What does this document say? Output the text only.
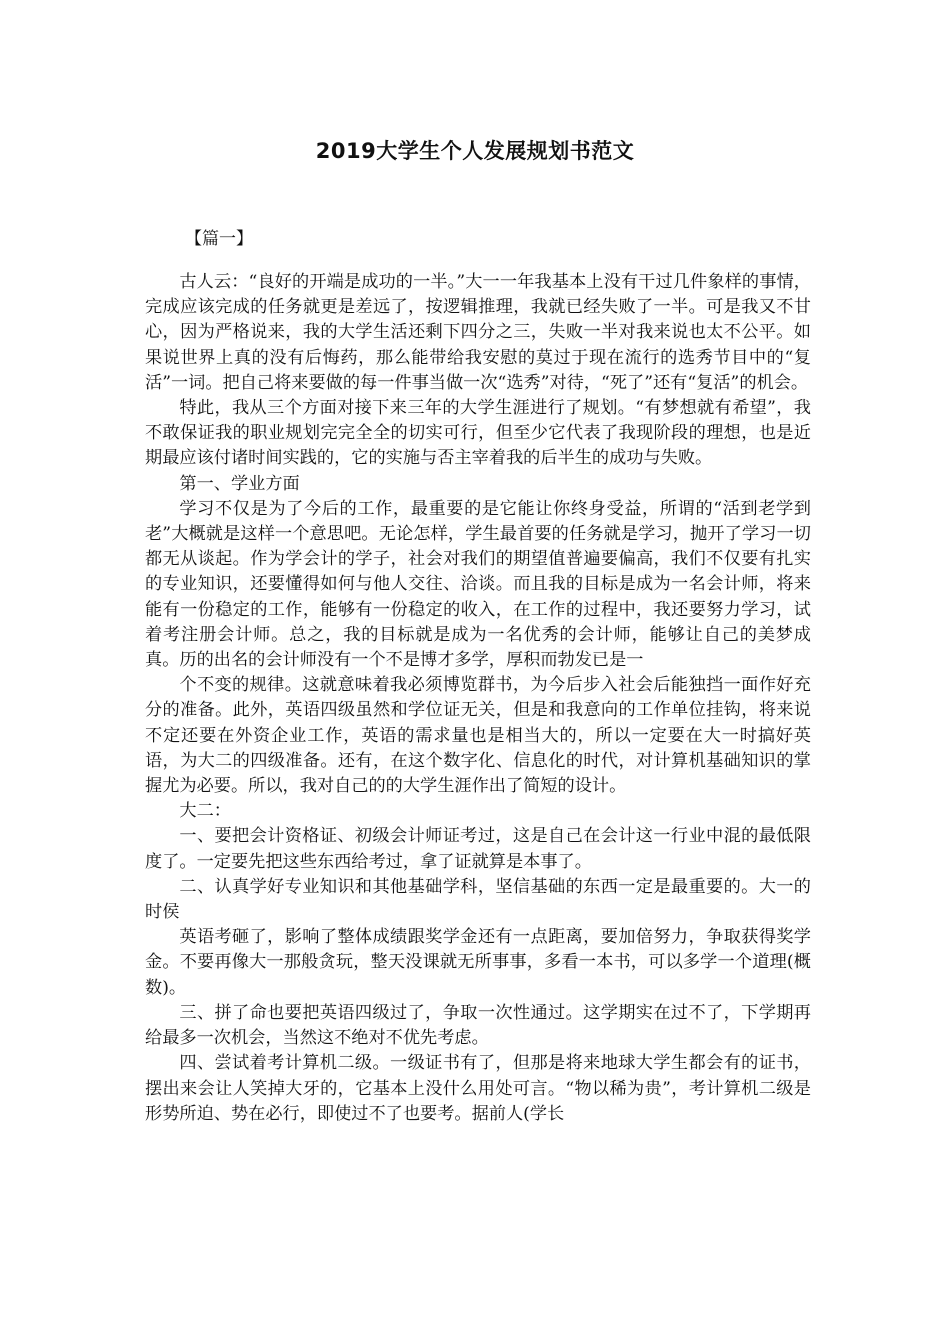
2019大学生个人发展规划书范文
【篇一】

古人云：“良好的开端是成功的一半。”大一一年我基本上没有干过几件象样的事情，完成应该完成的任务就更是差远了，按逻辑推理，我就已经失败了一半。可是我又不甘心，因为严格说来，我的大学生活还剩下四分之三，失败一半对我来说也太不公平。如果说世界上真的没有后悔药，那么能带给我安慰的莫过于现在流行的选秀节目中的“复活”一词。把自己将来要做的每一件事当做一次“选秀”对待，“死了”还有“复活”的机会。

特此，我从三个方面对接下来三年的大学生涯进行了规划。“有梦想就有希望”，我不敢保证我的职业规划完完全全的切实可行，但至少它代表了我现阶段的理想，也是近期最应该付诸时间实践的，它的实施与否主宰着我的后半生的成功与失败。

第一、学业方面

学习不仅是为了今后的工作，最重要的是它能让你终身受益，所谓的“活到老学到老”大概就是这样一个意思吧。无论怎样，学生最首要的任务就是学习，抛开了学习一切都无从谈起。作为学会计的学子，社会对我们的期望值普遍要偏高，我们不仅要有扎实的专业知识，还要懂得如何与他人交往、洽谈。而且我的目标是成为一名会计师，将来能有一份稳定的工作，能够有一份稳定的收入，在工作的过程中，我还要努力学习，试着考注册会计师。总之，我的目标就是成为一名优秀的会计师，能够让自己的美梦成真。历的出名的会计师没有一个不是博才多学，厚积而勃发已是一

个不变的规律。这就意味着我必须博览群书，为今后步入社会后能独挡一面作好充分的准备。此外，英语四级虽然和学位证无关，但是和我意向的工作单位挂钩，将来说不定还要在外资企业工作，英语的需求量也是相当大的，所以一定要在大一时搞好英语，为大二的四级准备。还有，在这个数字化、信息化的时代，对计算机基础知识的掌握尤为必要。所以，我对自己的的大学生涯作出了简短的设计。

大二：

一、要把会计资格证、初级会计师证考过，这是自己在会计这一行业中混的最低限度了。一定要先把这些东西给考过，拿了证就算是本事了。

二、认真学好专业知识和其他基础学科，坚信基础的东西一定是最重要的。大一的时侯

英语考砸了，影响了整体成绩跟奖学金还有一点距离，要加倍努力，争取获得奖学金。不要再像大一那般贪玩，整天没课就无所事事，多看一本书，可以多学一个道理(概数)。

三、拼了命也要把英语四级过了，争取一次性通过。这学期实在过不了，下学期再给最多一次机会，当然这不绝对不优先考虑。

四、尝试着考计算机二级。一级证书有了，但那是将来地球大学生都会有的证书，摆出来会让人笑掉大牙的，它基本上没什么用处可言。“物以稀为贵”，考计算机二级是形势所迫、势在必行，即使过不了也要考。据前人(学长
